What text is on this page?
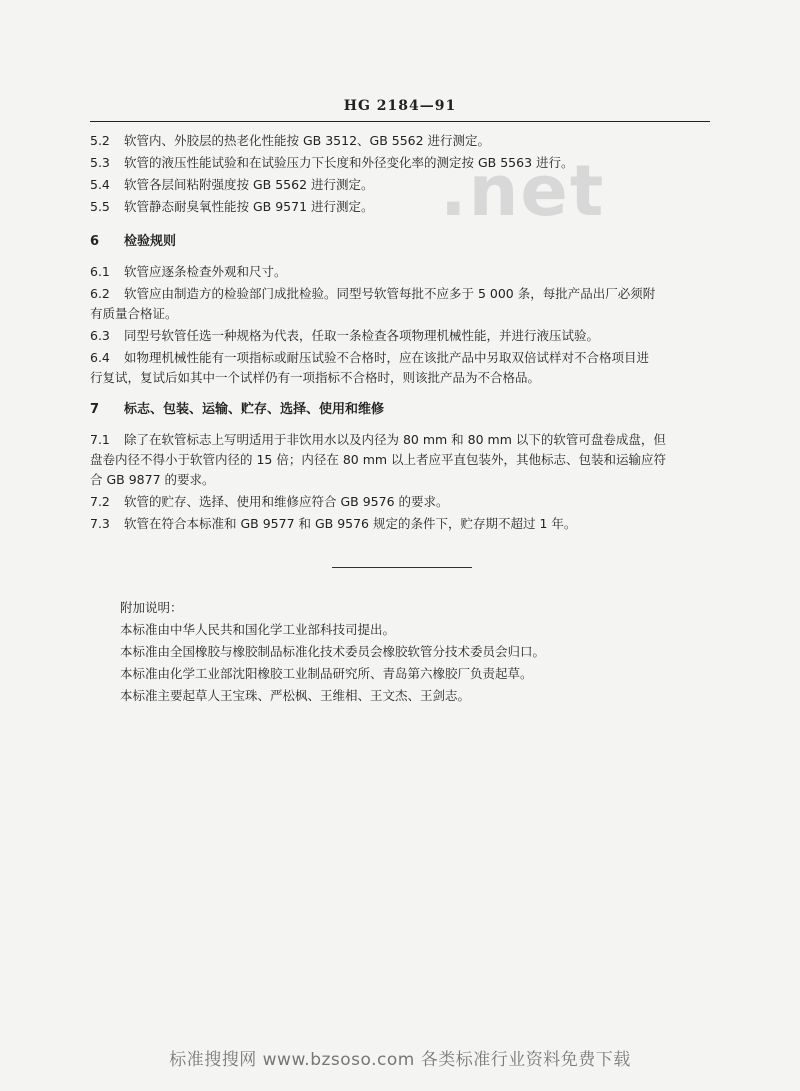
HG 2184—91
.net
5.2 软管内、外胶层的热老化性能按 GB 3512、GB 5562 进行测定。
5.3 软管的液压性能试验和在试验压力下长度和外径变化率的测定按 GB 5563 进行。
5.4 软管各层间粘附强度按 GB 5562 进行测定。
5.5 软管静态耐臭氧性能按 GB 9571 进行测定。
6 检验规则
6.1 软管应逐条检查外观和尺寸。
6.2 软管应由制造方的检验部门成批检验。同型号软管每批不应多于 5 000 条，每批产品出厂必须附
有质量合格证。
6.3 同型号软管任选一种规格为代表，任取一条检查各项物理机械性能，并进行液压试验。
6.4 如物理机械性能有一项指标或耐压试验不合格时，应在该批产品中另取双倍试样对不合格项目进
行复试，复试后如其中一个试样仍有一项指标不合格时，则该批产品为不合格品。
7 标志、包装、运输、贮存、选择、使用和维修
7.1 除了在软管标志上写明适用于非饮用水以及内径为 80 mm 和 80 mm 以下的软管可盘卷成盘，但
盘卷内径不得小于软管内径的 15 倍；内径在 80 mm 以上者应平直包装外，其他标志、包装和运输应符
合 GB 9877 的要求。
7.2 软管的贮存、选择、使用和维修应符合 GB 9576 的要求。
7.3 软管在符合本标准和 GB 9577 和 GB 9576 规定的条件下，贮存期不超过 1 年。
附加说明：
本标准由中华人民共和国化学工业部科技司提出。
本标准由全国橡胶与橡胶制品标准化技术委员会橡胶软管分技术委员会归口。
本标准由化学工业部沈阳橡胶工业制品研究所、青岛第六橡胶厂负责起草。
本标准主要起草人王宝珠、严松枫、王维相、王文杰、王剑志。
标准搜搜网 www.bzsoso.com 各类标准行业资料免费下载
